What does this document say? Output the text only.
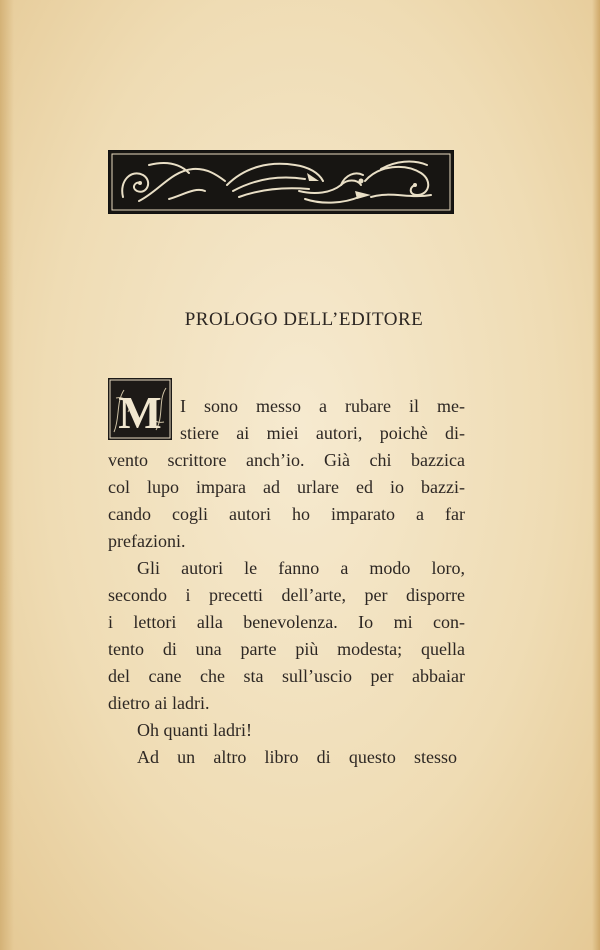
PROLOGO DELL’EDITORE
M I sono messo a rubare il me-
stiere ai miei autori, poichè di-
vento scrittore anch’io. Già chi bazzica
col lupo impara ad urlare ed io bazzi-
cando cogli autori ho imparato a far
prefazioni.
Gli autori le fanno a modo loro,
secondo i precetti dell’arte, per disporre
i lettori alla benevolenza. Io mi con-
tento di una parte più modesta; quella
del cane che sta sull’uscio per abbaiar
dietro ai ladri.
Oh quanti ladri!
Ad un altro libro di questo stesso
